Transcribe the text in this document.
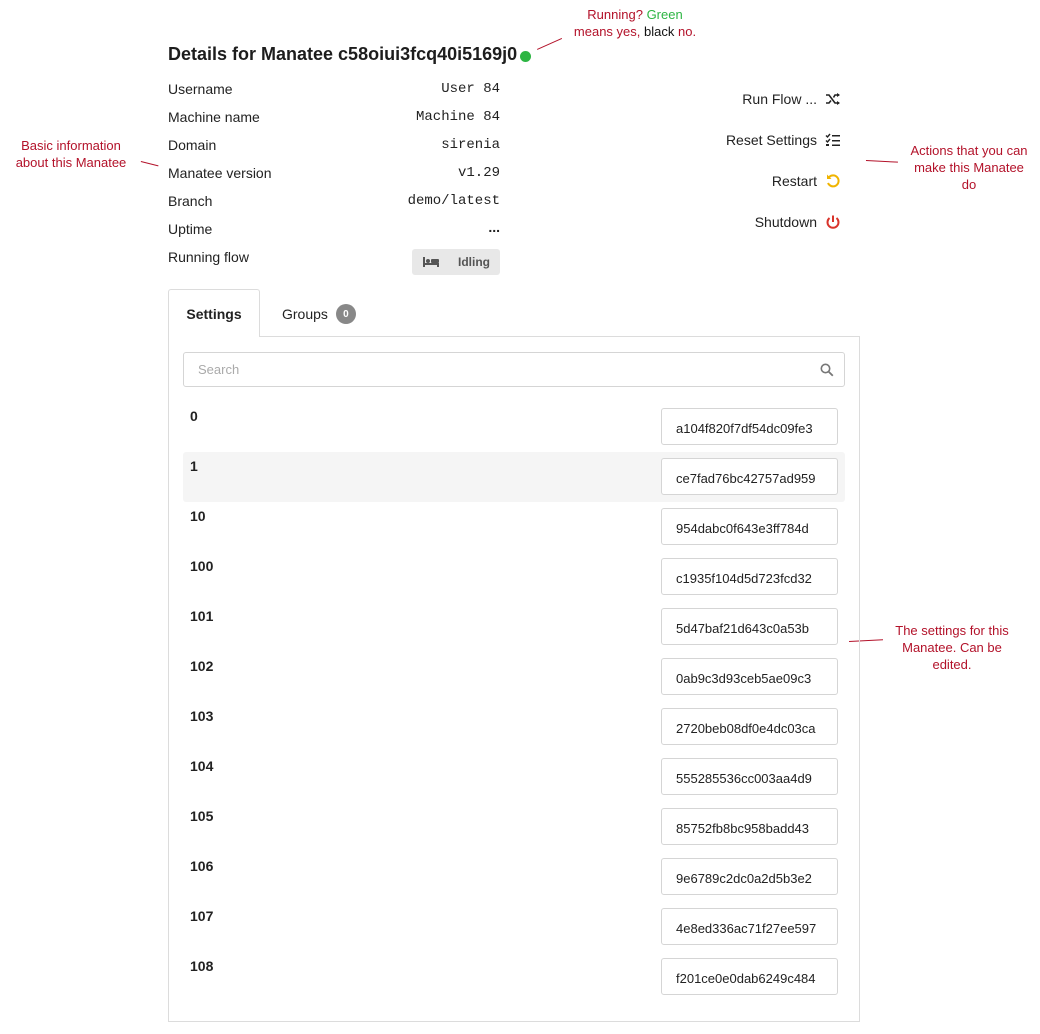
Running? Green
means yes, black no.
Basic information
about this Manatee
Actions that you can
make this Manatee
do
The settings for this
Manatee. Can be
edited.
Details for Manatee c58oiui3fcq40i5169j0
Username	User 84
Machine name	Machine 84
Domain	sirenia
Manatee version	v1.29
Branch	demo/latest
Uptime	...
Running flow	Idling
Run Flow ...
Reset Settings
Restart
Shutdown
Settings	Groups	0
Search
0
a104f820f7df54dc09fe3
1
ce7fad76bc42757ad959
10
954dabc0f643e3ff784d
100
c1935f104d5d723fcd32
101
5d47baf21d643c0a53b
102
0ab9c3d93ceb5ae09c3
103
2720beb08df0e4dc03ca
104
555285536cc003aa4d9
105
85752fb8bc958badd43
106
9e6789c2dc0a2d5b3e2
107
4e8ed336ac71f27ee597
108
f201ce0e0dab6249c484
